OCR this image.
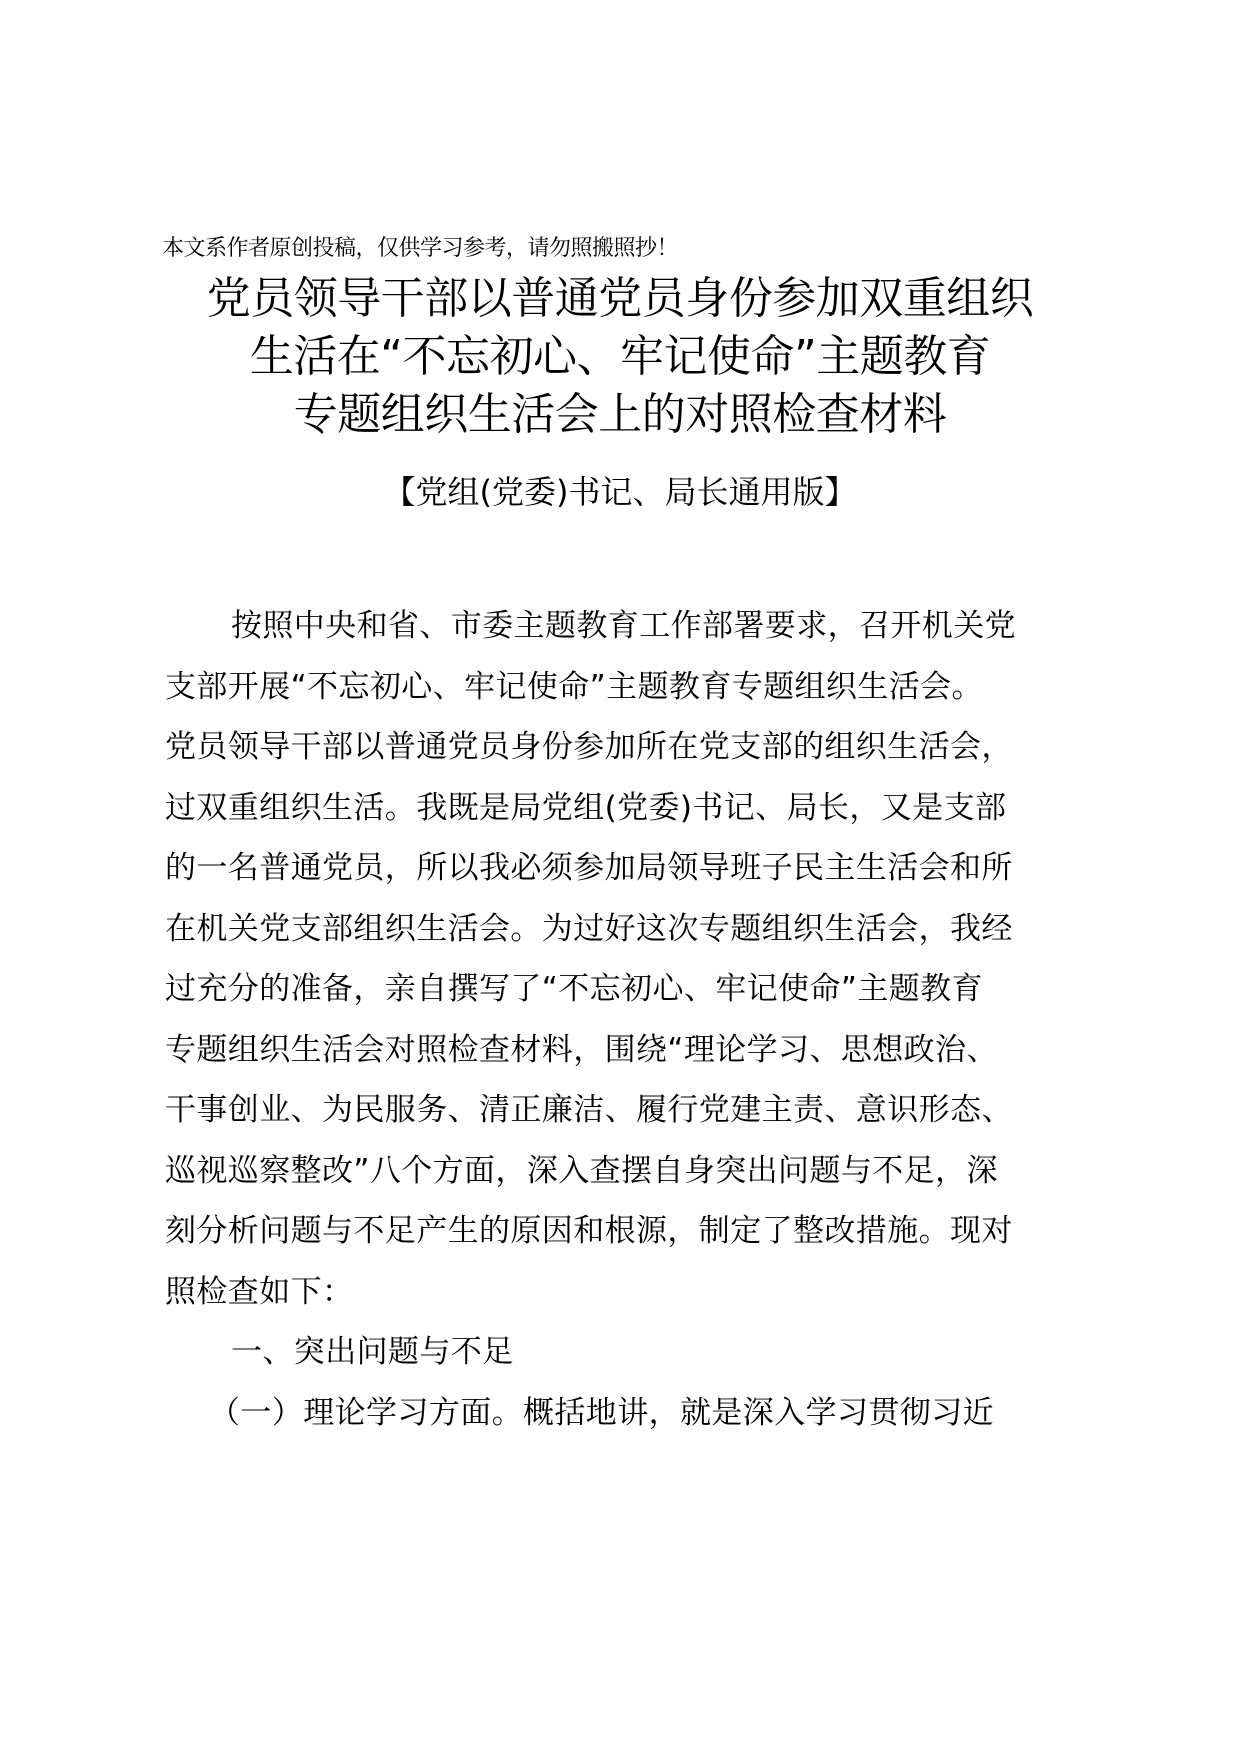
本文系作者原创投稿，仅供学习参考，请勿照搬照抄！
党员领导干部以普通党员身份参加双重组织
生活在“不忘初心、牢记使命”主题教育
专题组织生活会上的对照检查材料
【党组(党委)书记、局长通用版】
按照中央和省、市委主题教育工作部署要求，召开机关党
支部开展“不忘初心、牢记使命”主题教育专题组织生活会。
党员领导干部以普通党员身份参加所在党支部的组织生活会，
过双重组织生活。我既是局党组(党委)书记、局长，又是支部
的一名普通党员，所以我必须参加局领导班子民主生活会和所
在机关党支部组织生活会。为过好这次专题组织生活会，我经
过充分的准备，亲自撰写了“不忘初心、牢记使命”主题教育
专题组织生活会对照检查材料，围绕“理论学习、思想政治、
干事创业、为民服务、清正廉洁、履行党建主责、意识形态、
巡视巡察整改”八个方面，深入查摆自身突出问题与不足，深
刻分析问题与不足产生的原因和根源，制定了整改措施。现对
照检查如下：
一、突出问题与不足
（一）理论学习方面。概括地讲，就是深入学习贯彻习近
